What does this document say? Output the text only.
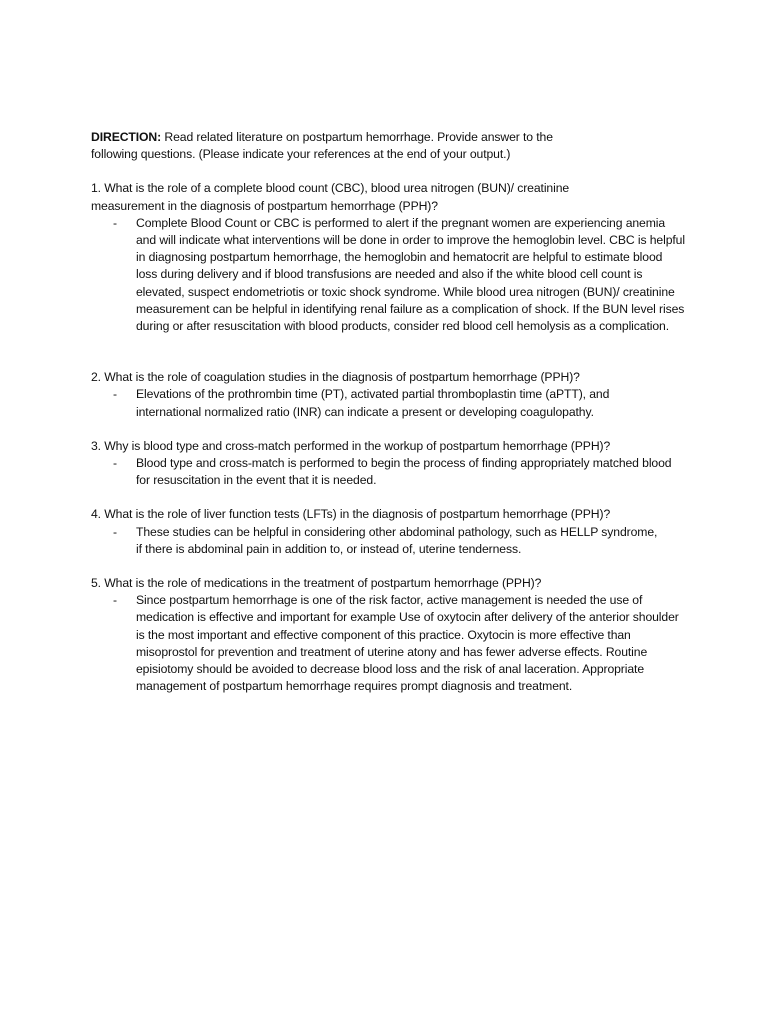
DIRECTION: Read related literature on postpartum hemorrhage. Provide answer to the following questions. (Please indicate your references at the end of your output.)

1. What is the role of a complete blood count (CBC), blood urea nitrogen (BUN)/ creatinine measurement in the diagnosis of postpartum hemorrhage (PPH)?

- Complete Blood Count or CBC is performed to alert if the pregnant women are experiencing anemia and will indicate what interventions will be done in order to improve the hemoglobin level. CBC is helpful in diagnosing postpartum hemorrhage, the hemoglobin and hematocrit are helpful to estimate blood loss during delivery and if blood transfusions are needed and also if the white blood cell count is elevated, suspect endometriotis or toxic shock syndrome. While blood urea nitrogen (BUN)/ creatinine measurement can be helpful in identifying renal failure as a complication of shock. If the BUN level rises during or after resuscitation with blood products, consider red blood cell hemolysis as a complication.

2. What is the role of coagulation studies in the diagnosis of postpartum hemorrhage (PPH)?

- Elevations of the prothrombin time (PT), activated partial thromboplastin time (aPTT), and international normalized ratio (INR) can indicate a present or developing coagulopathy.

3. Why is blood type and cross-match performed in the workup of postpartum hemorrhage (PPH)?

- Blood type and cross-match is performed to begin the process of finding appropriately matched blood for resuscitation in the event that it is needed.

4. What is the role of liver function tests (LFTs) in the diagnosis of postpartum hemorrhage (PPH)?

- These studies can be helpful in considering other abdominal pathology, such as HELLP syndrome, if there is abdominal pain in addition to, or instead of, uterine tenderness.

5. What is the role of medications in the treatment of postpartum hemorrhage (PPH)?

- Since postpartum hemorrhage is one of the risk factor, active management is needed the use of medication is effective and important for example Use of oxytocin after delivery of the anterior shoulder is the most important and effective component of this practice. Oxytocin is more effective than misoprostol for prevention and treatment of uterine atony and has fewer adverse effects. Routine episiotomy should be avoided to decrease blood loss and the risk of anal laceration. Appropriate management of postpartum hemorrhage requires prompt diagnosis and treatment.
